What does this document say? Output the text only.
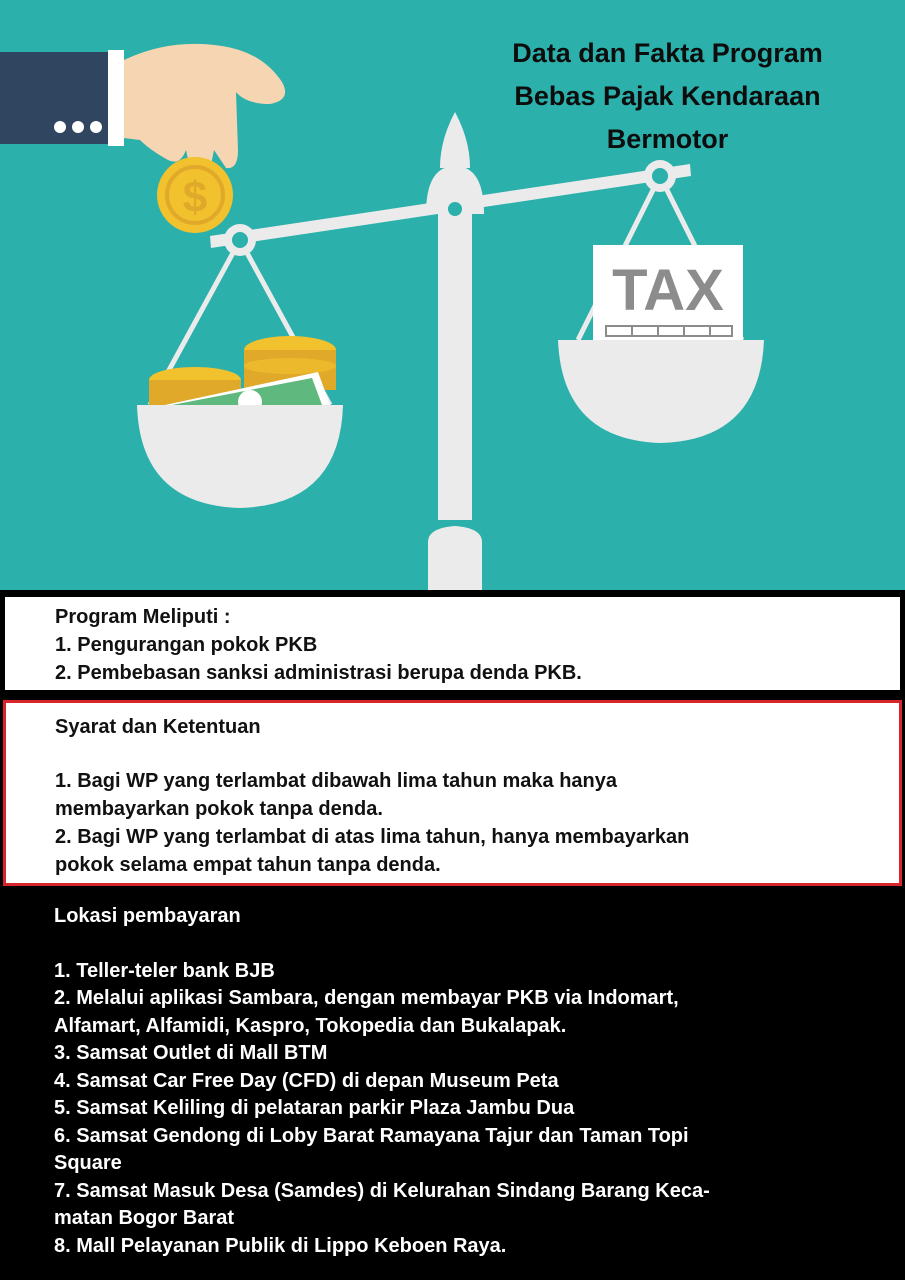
TAX
$
Data dan Fakta Program
Bebas Pajak Kendaraan
Bermotor
Program Meliputi :
1. Pengurangan pokok PKB
2. Pembebasan sanksi administrasi berupa denda PKB.
Syarat dan Ketentuan
1. Bagi WP yang terlambat dibawah lima tahun maka hanya
membayarkan pokok tanpa denda.
2. Bagi WP yang terlambat di atas lima tahun, hanya membayarkan
pokok selama empat tahun tanpa denda.
Lokasi pembayaran
1. Teller-teler bank BJB
2. Melalui aplikasi Sambara, dengan membayar PKB via Indomart,
Alfamart, Alfamidi, Kaspro, Tokopedia dan Bukalapak.
3. Samsat Outlet di Mall BTM
4. Samsat Car Free Day (CFD) di depan Museum Peta
5. Samsat Keliling di pelataran parkir Plaza Jambu Dua
6. Samsat Gendong di Loby Barat Ramayana Tajur dan Taman Topi
Square
7. Samsat Masuk Desa (Samdes) di Kelurahan Sindang Barang Keca-
matan Bogor Barat
8. Mall Pelayanan Publik di Lippo Keboen Raya.
